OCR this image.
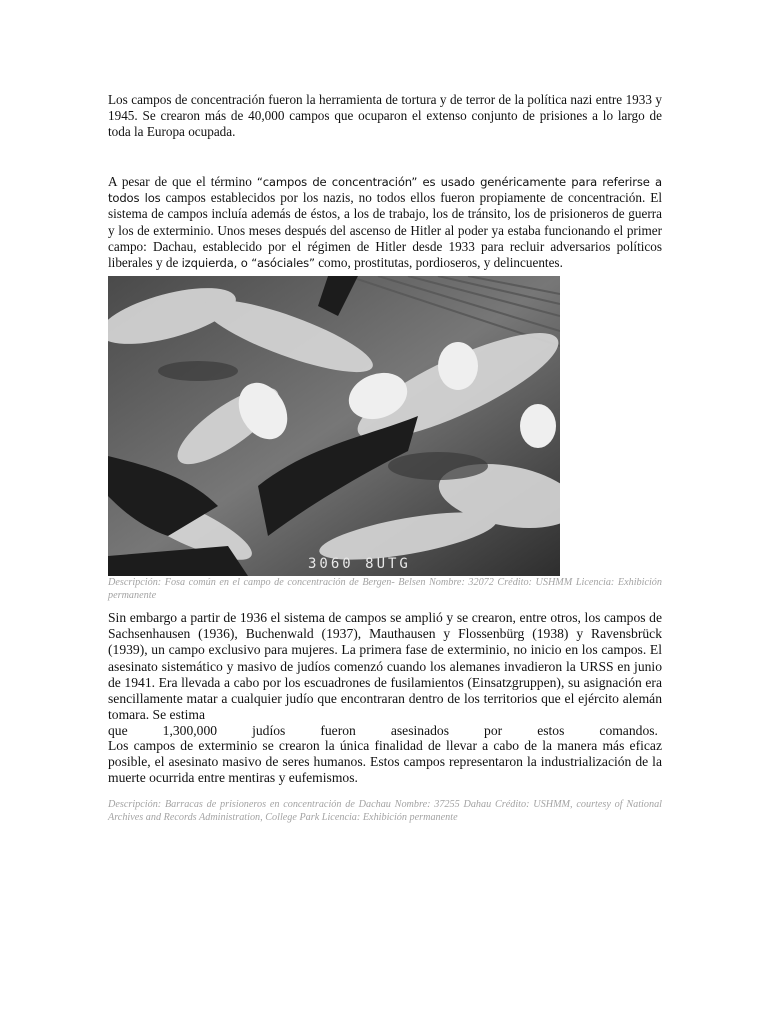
Los campos de concentración fueron la herramienta de tortura y de terror de la política nazi entre 1933 y 1945. Se crearon más de 40,000 campos que ocuparon el extenso conjunto de prisiones a lo largo de toda la Europa ocupada.

A pesar de que el término “campos de concentración” es usado genéricamente para referirse a todos los campos establecidos por los nazis, no todos ellos fueron propiamente de concentración. El sistema de campos incluía además de éstos, a los de trabajo, los de tránsito, los de prisioneros de guerra y los de exterminio. Unos meses después del ascenso de Hitler al poder ya estaba funcionando el primer campo: Dachau, establecido por el régimen de Hitler desde 1933 para recluir adversarios políticos liberales y de izquierda, o “asóciales” como, prostitutas, pordioseros, y delincuentes.

3060 8UTG

Descripción: Fosa común en el campo de concentración de Bergen- Belsen Nombre: 32072 Crédito: USHMM Licencia: Exhibición permanente

Sin embargo a partir de 1936 el sistema de campos se amplió y se crearon, entre otros, los campos de Sachsenhausen (1936), Buchenwald (1937), Mauthausen y Flossenbürg (1938) y Ravensbrück (1939), un campo exclusivo para mujeres. La primera fase de exterminio, no inicio en los campos. El asesinato sistemático y masivo de judíos comenzó cuando los alemanes invadieron la URSS en junio de 1941. Era llevada a cabo por los escuadrones de fusilamientos (Einsatzgruppen), su asignación era sencillamente matar a cualquier judío que encontraran dentro de los territorios que el ejército alemán tomara. Se estima

que	1,300,000	judíos	fueron	asesinados	por	estos	comandos.

Los campos de exterminio se crearon la única finalidad de llevar a cabo de la manera más eficaz posible, el asesinato masivo de seres humanos. Estos campos representaron la industrialización de la muerte ocurrida entre mentiras y eufemismos.

Descripción: Barracas de prisioneros en concentración de Dachau Nombre: 37255 Dahau Crédito: USHMM, courtesy of National Archives and Records Administration, College Park Licencia: Exhibición permanente
